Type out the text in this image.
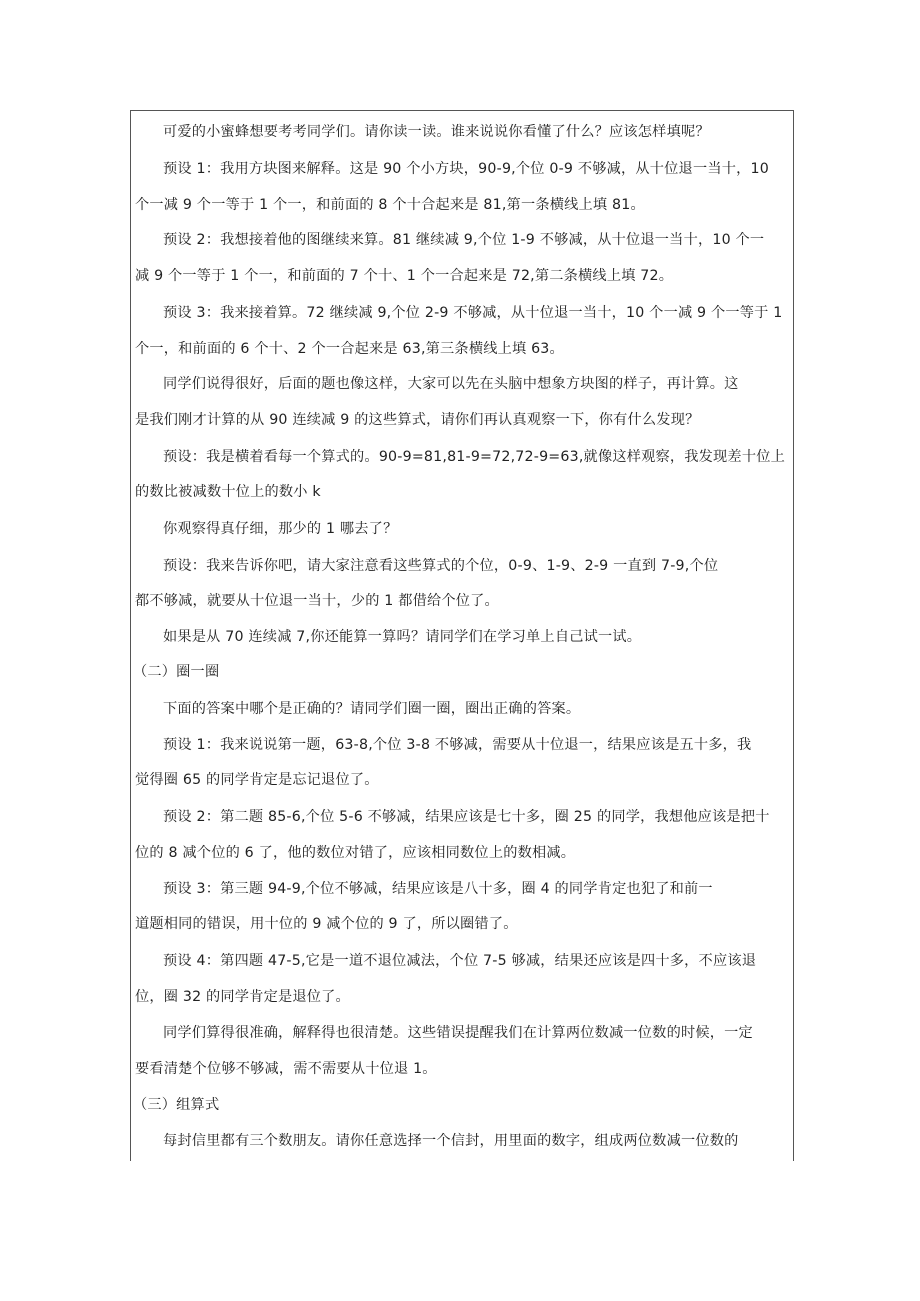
可爱的小蜜蜂想要考考同学们。请你读一读。谁来说说你看懂了什么？应该怎样填呢？
预设 1：我用方块图来解释。这是 90 个小方块，90-9,个位 0-9 不够减，从十位退一当十，10
个一减 9 个一等于 1 个一，和前面的 8 个十合起来是 81,第一条横线上填 81。
预设 2：我想接着他的图继续来算。81 继续减 9,个位 1-9 不够减，从十位退一当十，10 个一
减 9 个一等于 1 个一，和前面的 7 个十、1 个一合起来是 72,第二条横线上填 72。
预设 3：我来接着算。72 继续减 9,个位 2-9 不够减，从十位退一当十，10 个一减 9 个一等于 1
个一，和前面的 6 个十、2 个一合起来是 63,第三条横线上填 63。
同学们说得很好，后面的题也像这样，大家可以先在头脑中想象方块图的样子，再计算。这
是我们刚才计算的从 90 连续减 9 的这些算式，请你们再认真观察一下，你有什么发现？
预设：我是横着看每一个算式的。90-9=81,81-9=72,72-9=63,就像这样观察，我发现差十位上
的数比被减数十位上的数小 k
你观察得真仔细，那少的 1 哪去了？
预设：我来告诉你吧，请大家注意看这些算式的个位，0-9、1-9、2-9 一直到 7-9,个位
都不够减，就要从十位退一当十，少的 1 都借给个位了。
如果是从 70 连续减 7,你还能算一算吗？请同学们在学习单上自己试一试。
（二）圈一圈
下面的答案中哪个是正确的？请同学们圈一圈，圈出正确的答案。
预设 1：我来说说第一题，63-8,个位 3-8 不够减，需要从十位退一，结果应该是五十多，我
觉得圈 65 的同学肯定是忘记退位了。
预设 2：第二题 85-6,个位 5-6 不够减，结果应该是七十多，圈 25 的同学，我想他应该是把十
位的 8 减个位的 6 了，他的数位对错了，应该相同数位上的数相减。
预设 3：第三题 94-9,个位不够减，结果应该是八十多，圈 4 的同学肯定也犯了和前一
道题相同的错误，用十位的 9 减个位的 9 了，所以圈错了。
预设 4：第四题 47-5,它是一道不退位减法，个位 7-5 够减，结果还应该是四十多，不应该退
位，圈 32 的同学肯定是退位了。
同学们算得很准确，解释得也很清楚。这些错误提醒我们在计算两位数减一位数的时候，一定
要看清楚个位够不够减，需不需要从十位退 1。
（三）组算式
每封信里都有三个数朋友。请你任意选择一个信封，用里面的数字，组成两位数减一位数的
